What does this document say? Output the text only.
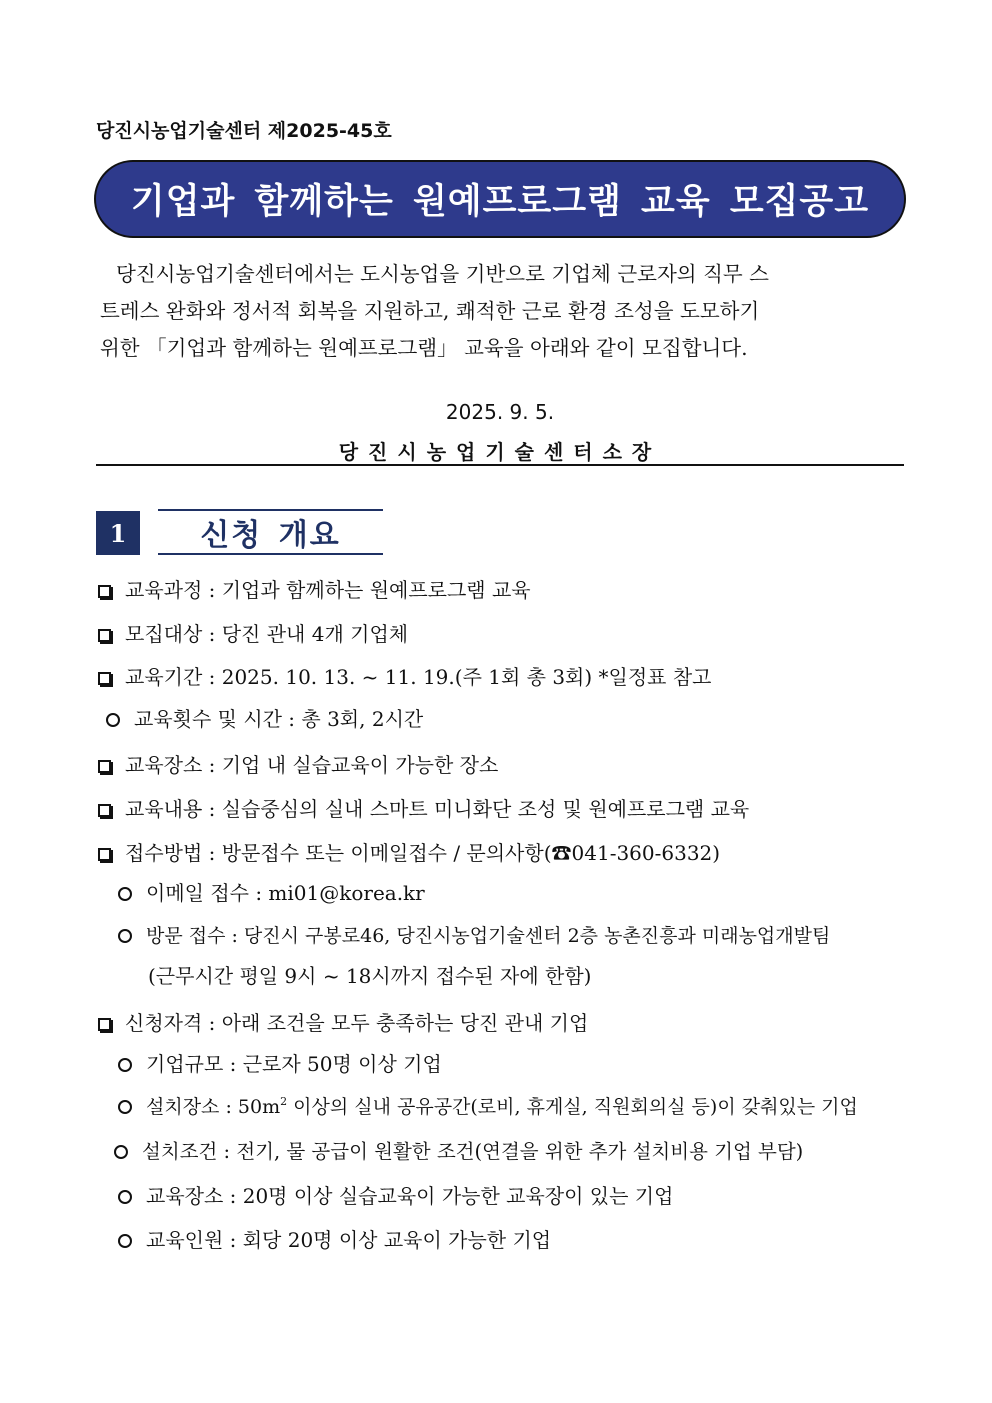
당진시농업기술센터 제2025-45호
기업과 함께하는 원예프로그램 교육 모집공고
당진시농업기술센터에서는 도시농업을 기반으로 기업체 근로자의 직무 스
트레스 완화와 정서적 회복을 지원하고, 쾌적한 근로 환경 조성을 도모하기
위한 「기업과 함께하는 원예프로그램」 교육을 아래와 같이 모집합니다.
2025. 9. 5.
당진시농업기술센터소장
1	신청 개요
교육과정 : 기업과 함께하는 원예프로그램 교육
모집대상 : 당진 관내 4개 기업체
교육기간 : 2025. 10. 13. ~ 11. 19.(주 1회 총 3회) *일정표 참고
교육횟수 및 시간 : 총 3회, 2시간
교육장소 : 기업 내 실습교육이 가능한 장소
교육내용 : 실습중심의 실내 스마트 미니화단 조성 및 원예프로그램 교육
접수방법 : 방문접수 또는 이메일접수 / 문의사항(☎041-360-6332)
이메일 접수 : mi01@korea.kr
방문 접수 : 당진시 구봉로46, 당진시농업기술센터 2층 농촌진흥과 미래농업개발팀
(근무시간 평일 9시 ~ 18시까지 접수된 자에 한함)
신청자격 : 아래 조건을 모두 충족하는 당진 관내 기업
기업규모 : 근로자 50명 이상 기업
설치장소 : $50m^2$ 이상의 실내 공유공간(로비, 휴게실, 직원회의실 등)이 갖춰있는 기업
설치조건 : 전기, 물 공급이 원활한 조건(연결을 위한 추가 설치비용 기업 부담)
교육장소 : 20명 이상 실습교육이 가능한 교육장이 있는 기업
교육인원 : 회당 20명 이상 교육이 가능한 기업
